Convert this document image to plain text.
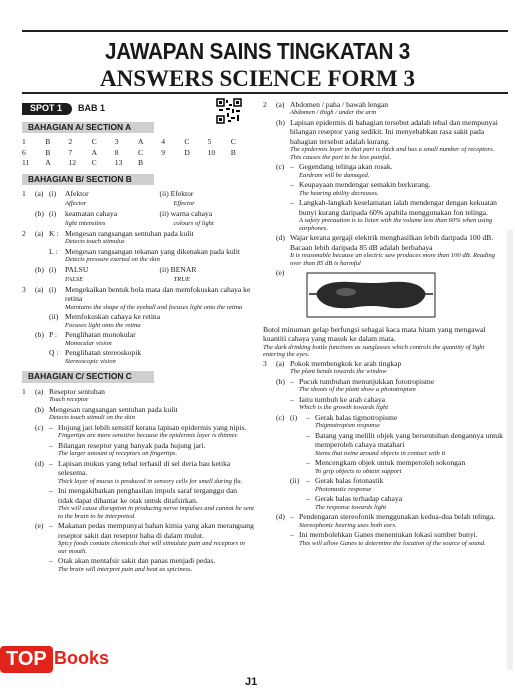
JAWAPAN SAINS TINGKATAN 3
ANSWERS SCIENCE FORM 3
SPOT 1	BAB 1
BAHAGIAN A/ SECTION A
1	B	2	C	3	A	4	C	5	C
6	B	7	A	8	C	9	D	10	B
11	A	12	C	13	B
BAHAGIAN B/ SECTION B
1	(a) (i)	Afektor
Affector
(ii) Efektor
Effector
(b) (i)	keamatan cahaya
light intensities
(ii) warna cahaya
colours of light
2	(a) K : Mengesan rangsangan sentuhan pada kulit
Detects touch stimulus
L :	Mengesan rangsangan tekanan yang dikenakan pada kulit
Detects pressure exerted on the skin
(b) (i)	PALSU
FALSE
(ii) BENAR
TRUE
3	(a) (i)	Mengekalkan bentuk bola mata dan memfokuskan cahaya ke retina
Maintains the shape of the eyeball and focuses light onto the retina
(ii) Memfokuskan cahaya ke retina
Focuses light onto the retina
(b) P :	Penglihatan monokular
Monocular vision
Q : Penglihatan stereoskopik
Stereoscopic vision
BAHAGIAN C/ SECTION C
1	(a) Reseptor sentuhan
Touch receptor
(b) Mengesan rangsangan sentuhan pada kulit
Detects touch stimuli on the skin
(c) – Hujung jari lebih sensitif kerana lapisan epidermis yang nipis.
Fingertips are more sensitive because the epidermis layer is thinner.
– Bilangan reseptor yang banyak pada hujung jari.
The larger amount of receptors on fingertips.
(d) – Lapisan mukus yang tebal terhasil di sel deria bau ketika selesema.
Thick layer of mucus is produced in sensory cells for smell during flu.
– Ini mengakibatkan penghasilan impuls saraf terganggu dan tidak dapat dihantar ke otak untuk ditafsirkan.
This will cause disruption in producing nerve impulses and cannot be sent to the brain to be interpreted.
(e) – Makanan pedas mempunyai bahan kimia yang akan merangsang reseptor sakit dan reseptor haba di dalam mulut.
Spicy foods contain chemicals that will stimulate pain and receptors in our mouth.
– Otak akan mentafsir sakit dan panas menjadi pedas.
The brain will interpret pain and heat as spiciness.
2	(a) Abdomen / paha / bawah lengan
Abdomen / thigh / under the arm
(b) Lapisan epidermis di bahagian tersebut adalah tebal dan mempunyai bilangan reseptor yang sedikit. Ini menyebabkan rasa sakit pada bahagian tersebut adalah kurang.
The epidermis layer in that part is thick and has a small number of receptors. This causes the part to be less painful.
(c) – Gegendang telinga akan rosak.
Eardrum will be damaged.
– Keupayaan mendengar semakin berkurang.
The hearing ability decreases.
– Langkah-langkah keselamatan ialah mendengar dengan kekuatan bunyi kurang daripada 60% apabila menggunakan fon telinga.
A safety precaution is to listen with the volume less than 60% when using earphones.
(d) Wajar kerana gergaji elektrik menghasilkan lebih daripada 100 dB. Bacaan lebih daripada 85 dB adalah berbahaya
It is reasonable because an electric saw produces more than 100 dB. Reading over than 85 dB is harmful
(e)
Botol minuman gelap berfungsi sebagai kaca mata hitam yang mengawal kuantiti cahaya yang masuk ke dalam mata.
The dark drinking bottle functions as sunglasses which controls the quantity of light entering the eyes.
3	(a) Pokok membengkok ke arah tingkap
The plant bends towards the window
(b) – Pucuk tumbuhan menunjukkan fototropisme
The shoots of the plant show a phototropism
– Iaitu tumbuh ke arah cahaya
Which is the growth towards light
(c) (i)	– Gerak balas tigmotropisme
Thigmotropism response
– Batang yang melilit objek yang bersentuhan dengannya untuk memperoleh cahaya matahari
Stems that twine around objects in contact with it
– Mencengkam objek untuk memperoleh sokongan
To grip objects to obtain support
(ii) – Gerak balas fotonastik
Photonastic response
– Gerak balas terhadap cahaya
The response towards light
(d) – Pendengaran stereofonik menggunakan kedua-dua belah telinga.
Stereophonic hearing uses both ears.
– Ini membolehkan Ganes menentukan lokasi sumber bunyi.
This will allow Ganes to determine the location of the source of sound.
TOP Books
J1
